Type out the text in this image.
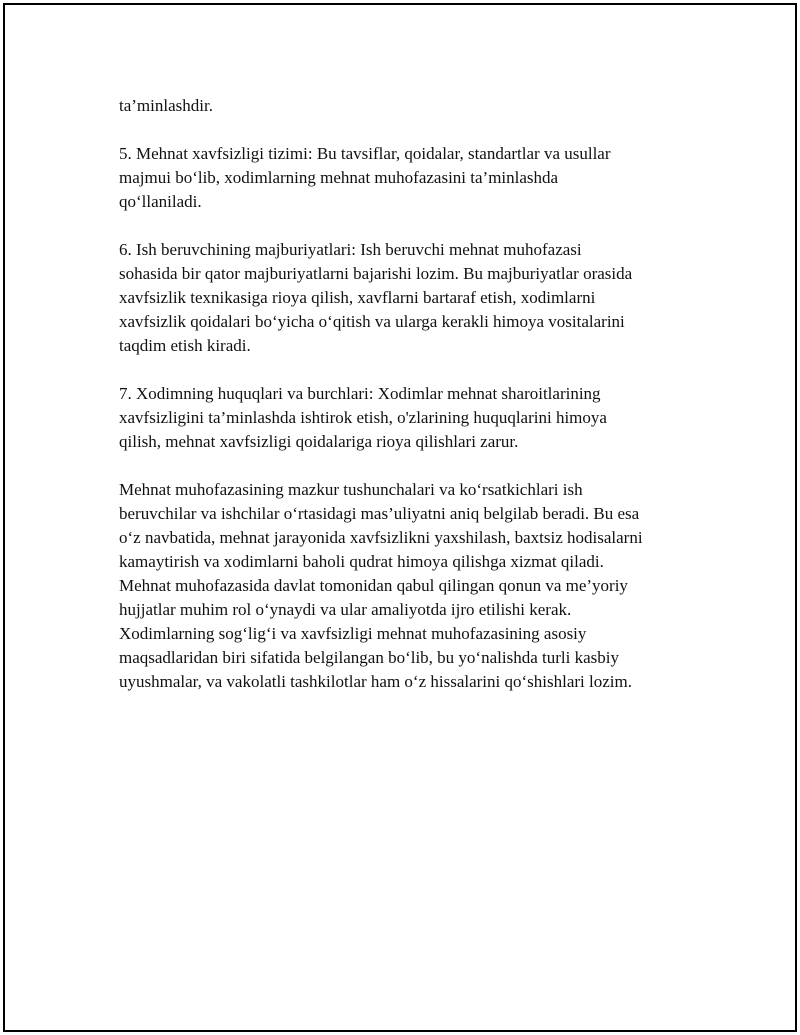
ta’minlashdir.

5. Mehnat xavfsizligi tizimi: Bu tavsiflar, qoidalar, standartlar va usullar
majmui bo‘lib, xodimlarning mehnat muhofazasini ta’minlashda
qo‘llaniladi.

6. Ish beruvchining majburiyatlari: Ish beruvchi mehnat muhofazasi
sohasida bir qator majburiyatlarni bajarishi lozim. Bu majburiyatlar orasida
xavfsizlik texnikasiga rioya qilish, xavflarni bartaraf etish, xodimlarni
xavfsizlik qoidalari bo‘yicha o‘qitish va ularga kerakli himoya vositalarini
taqdim etish kiradi.

7. Xodimning huquqlari va burchlari: Xodimlar mehnat sharoitlarining
xavfsizligini ta’minlashda ishtirok etish, o'zlarining huquqlarini himoya
qilish, mehnat xavfsizligi qoidalariga rioya qilishlari zarur.

Mehnat muhofazasining mazkur tushunchalari va ko‘rsatkichlari ish
beruvchilar va ishchilar o‘rtasidagi mas’uliyatni aniq belgilab beradi. Bu esa
o‘z navbatida, mehnat jarayonida xavfsizlikni yaxshilash, baxtsiz hodisalarni
kamaytirish va xodimlarni baholi qudrat himoya qilishga xizmat qiladi.
Mehnat muhofazasida davlat tomonidan qabul qilingan qonun va me’yoriy
hujjatlar muhim rol o‘ynaydi va ular amaliyotda ijro etilishi kerak.
Xodimlarning sog‘lig‘i va xavfsizligi mehnat muhofazasining asosiy
maqsadlaridan biri sifatida belgilangan bo‘lib, bu yo‘nalishda turli kasbiy
uyushmalar, va vakolatli tashkilotlar ham o‘z hissalarini qo‘shishlari lozim.
